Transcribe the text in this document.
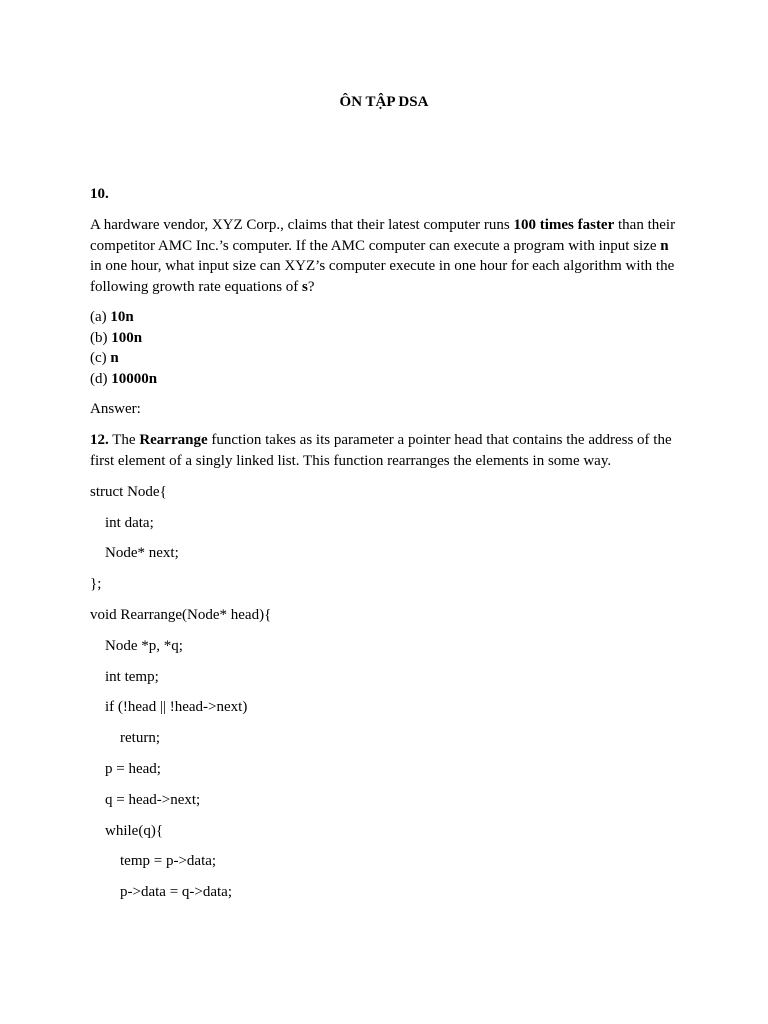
ÔN TẬP DSA
10.

A hardware vendor, XYZ Corp., claims that their latest computer runs 100 times faster than their competitor AMC Inc.’s computer. If the AMC computer can execute a program with input size n in one hour, what input size can XYZ’s computer execute in one hour for each algorithm with the following growth rate equations of s?

(a) 10n
(b) 100n
(c) n
(d) 10000n
Answer:

12. The Rearrange function takes as its parameter a pointer head that contains the address of the first element of a singly linked list. This function rearranges the elements in some way.

struct Node{
int data;
Node* next;
};
void Rearrange(Node* head){
Node *p, *q;
int temp;
if (!head || !head->next)
return;
p = head;
q = head->next;
while(q){
temp = p->data;
p->data = q->data;
